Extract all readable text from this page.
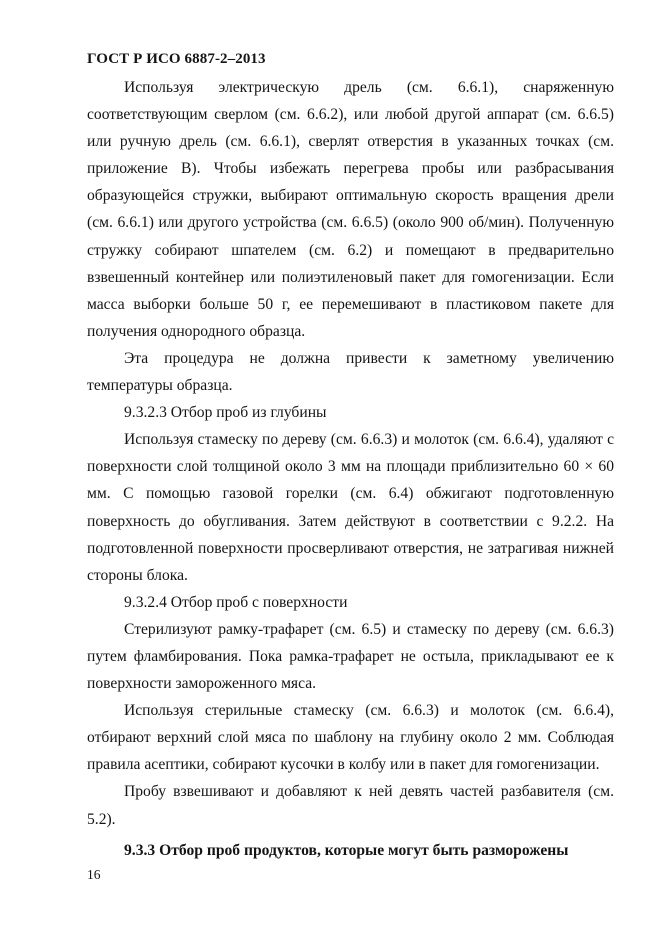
ГОСТ Р ИСО 6887-2–2013

Используя электрическую дрель (см. 6.6.1), снаряженную соответствующим сверлом (см. 6.6.2), или любой другой аппарат (см. 6.6.5) или ручную дрель (см. 6.6.1), сверлят отверстия в указанных точках (см. приложение В). Чтобы избежать перегрева пробы или разбрасывания образующейся стружки, выбирают оптимальную скорость вращения дрели (см. 6.6.1) или другого устройства (см. 6.6.5) (около 900 об/мин). Полученную стружку собирают шпателем (см. 6.2) и помещают в предварительно взвешенный контейнер или полиэтиленовый пакет для гомогенизации. Если масса выборки больше 50 г, ее перемешивают в пластиковом пакете для получения однородного образца.

Эта процедура не должна привести к заметному увеличению температуры образца.

9.3.2.3 Отбор проб из глубины

Используя стамеску по дереву (см. 6.6.3) и молоток (см. 6.6.4), удаляют с поверхности слой толщиной около 3 мм на площади приблизительно 60 × 60 мм. С помощью газовой горелки (см. 6.4) обжигают подготовленную поверхность до обугливания. Затем действуют в соответствии с 9.2.2. На подготовленной поверхности просверливают отверстия, не затрагивая нижней стороны блока.

9.3.2.4 Отбор проб с поверхности

Стерилизуют рамку-трафарет (см. 6.5) и стамеску по дереву (см. 6.6.3) путем фламбирования. Пока рамка-трафарет не остыла, прикладывают ее к поверхности замороженного мяса.

Используя стерильные стамеску (см. 6.6.3) и молоток (см. 6.6.4), отбирают верхний слой мяса по шаблону на глубину около 2 мм. Соблюдая правила асептики, собирают кусочки в колбу или в пакет для гомогенизации.

Пробу взвешивают и добавляют к ней девять частей разбавителя (см. 5.2).

9.3.3 Отбор проб продуктов, которые могут быть разморожены

16
